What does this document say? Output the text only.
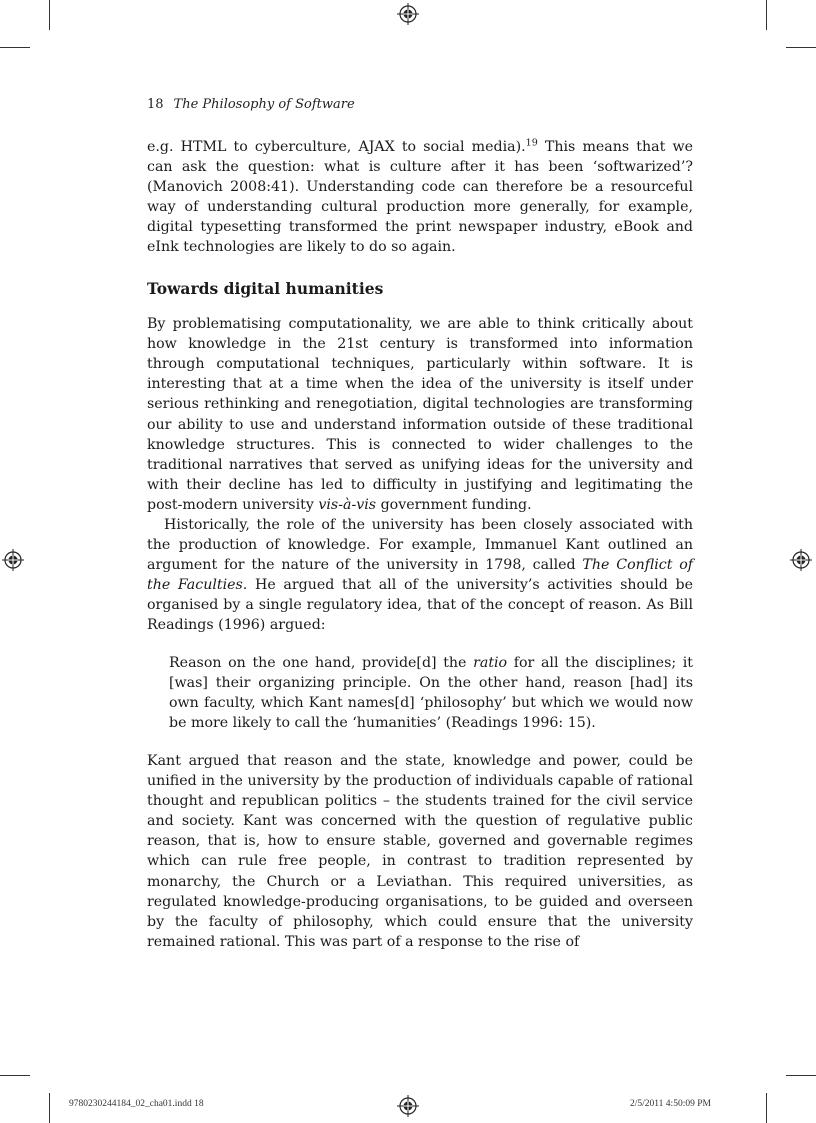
18 The Philosophy of Software

e.g. HTML to cyberculture, AJAX to social media).$^{19}$ This means that we can ask the question: what is culture after it has been ‘softwarized’? (Manovich 2008:41). Understanding code can therefore be a resourceful way of understanding cultural production more generally, for example, digital typesetting transformed the print newspaper industry, eBook and eInk technologies are likely to do so again.

Towards digital humanities

By problematising computationality, we are able to think critically about how knowledge in the 21st century is transformed into information through computational techniques, particularly within software. It is interesting that at a time when the idea of the university is itself under serious rethinking and renegotiation, digital technologies are transforming our ability to use and understand information outside of these traditional knowledge structures. This is connected to wider challenges to the traditional narratives that served as unifying ideas for the university and with their decline has led to difficulty in justifying and legitimating the post-modern university vis-à-vis government funding.

Historically, the role of the university has been closely associated with the production of knowledge. For example, Immanuel Kant outlined an argument for the nature of the university in 1798, called The Conflict of the Faculties. He argued that all of the university’s activities should be organised by a single regulatory idea, that of the concept of reason. As Bill Readings (1996) argued:

Reason on the one hand, provide[d] the ratio for all the disciplines; it [was] their organizing principle. On the other hand, reason [had] its own faculty, which Kant names[d] ‘philosophy’ but which we would now be more likely to call the ‘humanities’ (Readings 1996: 15).

Kant argued that reason and the state, knowledge and power, could be unified in the university by the production of individuals capable of rational thought and republican politics – the students trained for the civil service and society. Kant was concerned with the question of regulative public reason, that is, how to ensure stable, governed and governable regimes which can rule free people, in contrast to tradition represented by monarchy, the Church or a Leviathan. This required universities, as regulated knowledge-producing organisations, to be guided and overseen by the faculty of philosophy, which could ensure that the university remained rational. This was part of a response to the rise of

9780230244184_02_cha01.indd 18	2/5/2011 4:50:09 PM
